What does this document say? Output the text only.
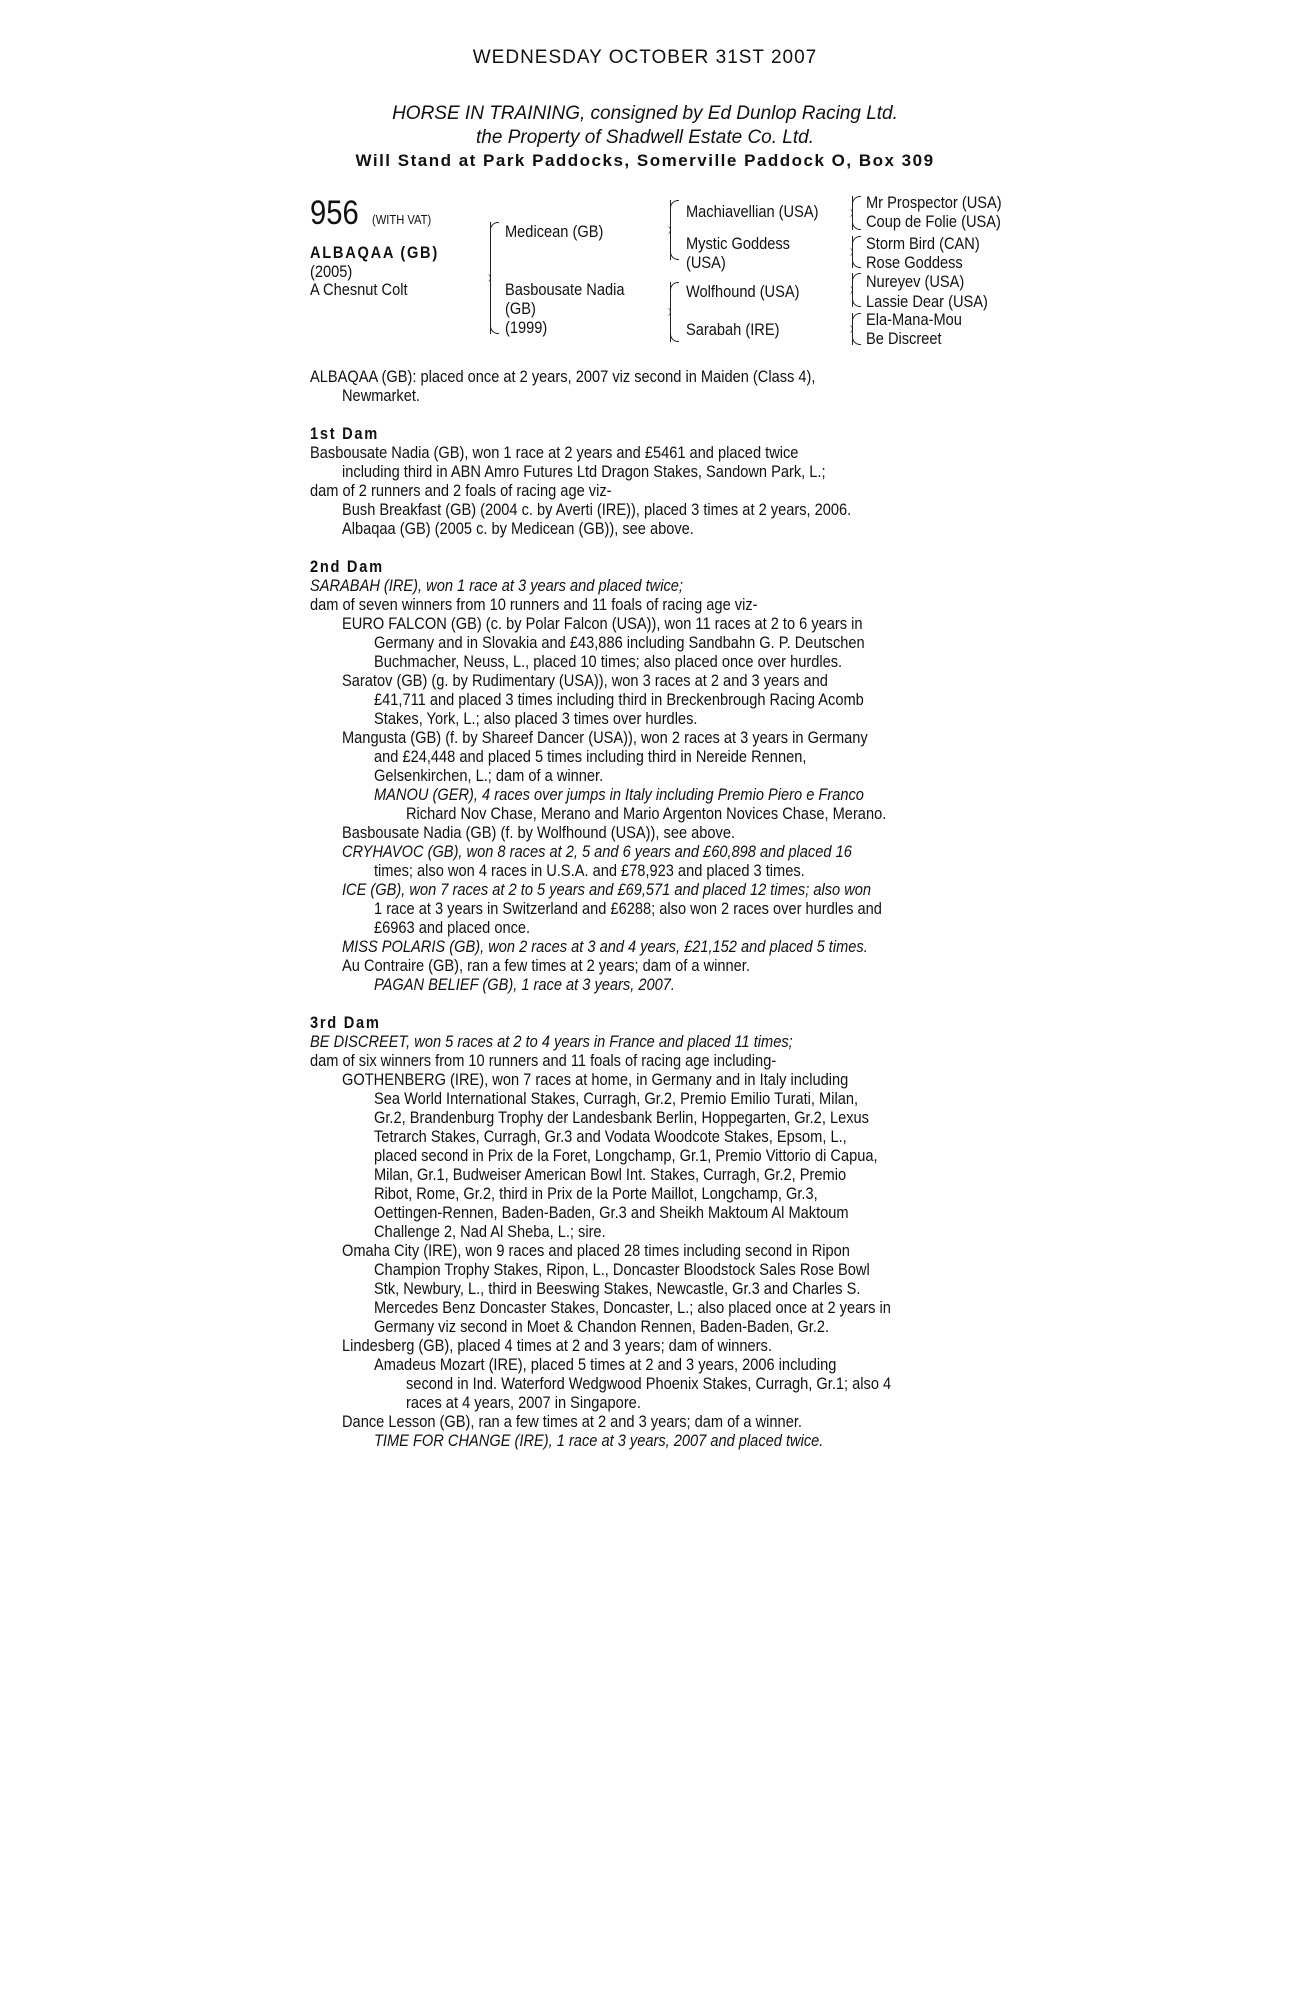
WEDNESDAY OCTOBER 31ST 2007
HORSE IN TRAINING, consigned by Ed Dunlop Racing Ltd.
the Property of Shadwell Estate Co. Ltd.
Will Stand at Park Paddocks, Somerville Paddock O, Box 309
956 (WITH VAT)
ALBAQAA (GB)
(2005)
A Chesnut Colt
Medicean (GB)
Basbousate Nadia
(GB)
(1999)
Machiavellian (USA)
Mystic Goddess
(USA)
Wolfhound (USA)
Sarabah (IRE)
Mr Prospector (USA)
Coup de Folie (USA)
Storm Bird (CAN)
Rose Goddess
Nureyev (USA)
Lassie Dear (USA)
Ela-Mana-Mou
Be Discreet
ALBAQAA (GB): placed once at 2 years, 2007 viz second in Maiden (Class 4),
Newmarket.
1st Dam
Basbousate Nadia (GB), won 1 race at 2 years and £5461 and placed twice
including third in ABN Amro Futures Ltd Dragon Stakes, Sandown Park, L.;
dam of 2 runners and 2 foals of racing age viz-
Bush Breakfast (GB) (2004 c. by Averti (IRE)), placed 3 times at 2 years, 2006.
Albaqaa (GB) (2005 c. by Medicean (GB)), see above.
2nd Dam
SARABAH (IRE), won 1 race at 3 years and placed twice;
dam of seven winners from 10 runners and 11 foals of racing age viz-
EURO FALCON (GB) (c. by Polar Falcon (USA)), won 11 races at 2 to 6 years in
Germany and in Slovakia and £43,886 including Sandbahn G. P. Deutschen
Buchmacher, Neuss, L., placed 10 times; also placed once over hurdles.
Saratov (GB) (g. by Rudimentary (USA)), won 3 races at 2 and 3 years and
£41,711 and placed 3 times including third in Breckenbrough Racing Acomb
Stakes, York, L.; also placed 3 times over hurdles.
Mangusta (GB) (f. by Shareef Dancer (USA)), won 2 races at 3 years in Germany
and £24,448 and placed 5 times including third in Nereide Rennen,
Gelsenkirchen, L.; dam of a winner.
MANOU (GER), 4 races over jumps in Italy including Premio Piero e Franco
Richard Nov Chase, Merano and Mario Argenton Novices Chase, Merano.
Basbousate Nadia (GB) (f. by Wolfhound (USA)), see above.
CRYHAVOC (GB), won 8 races at 2, 5 and 6 years and £60,898 and placed 16
times; also won 4 races in U.S.A. and £78,923 and placed 3 times.
ICE (GB), won 7 races at 2 to 5 years and £69,571 and placed 12 times; also won
1 race at 3 years in Switzerland and £6288; also won 2 races over hurdles and
£6963 and placed once.
MISS POLARIS (GB), won 2 races at 3 and 4 years, £21,152 and placed 5 times.
Au Contraire (GB), ran a few times at 2 years; dam of a winner.
PAGAN BELIEF (GB), 1 race at 3 years, 2007.
3rd Dam
BE DISCREET, won 5 races at 2 to 4 years in France and placed 11 times;
dam of six winners from 10 runners and 11 foals of racing age including-
GOTHENBERG (IRE), won 7 races at home, in Germany and in Italy including
Sea World International Stakes, Curragh, Gr.2, Premio Emilio Turati, Milan,
Gr.2, Brandenburg Trophy der Landesbank Berlin, Hoppegarten, Gr.2, Lexus
Tetrarch Stakes, Curragh, Gr.3 and Vodata Woodcote Stakes, Epsom, L.,
placed second in Prix de la Foret, Longchamp, Gr.1, Premio Vittorio di Capua,
Milan, Gr.1, Budweiser American Bowl Int. Stakes, Curragh, Gr.2, Premio
Ribot, Rome, Gr.2, third in Prix de la Porte Maillot, Longchamp, Gr.3,
Oettingen-Rennen, Baden-Baden, Gr.3 and Sheikh Maktoum Al Maktoum
Challenge 2, Nad Al Sheba, L.; sire.
Omaha City (IRE), won 9 races and placed 28 times including second in Ripon
Champion Trophy Stakes, Ripon, L., Doncaster Bloodstock Sales Rose Bowl
Stk, Newbury, L., third in Beeswing Stakes, Newcastle, Gr.3 and Charles S.
Mercedes Benz Doncaster Stakes, Doncaster, L.; also placed once at 2 years in
Germany viz second in Moet & Chandon Rennen, Baden-Baden, Gr.2.
Lindesberg (GB), placed 4 times at 2 and 3 years; dam of winners.
Amadeus Mozart (IRE), placed 5 times at 2 and 3 years, 2006 including
second in Ind. Waterford Wedgwood Phoenix Stakes, Curragh, Gr.1; also 4
races at 4 years, 2007 in Singapore.
Dance Lesson (GB), ran a few times at 2 and 3 years; dam of a winner.
TIME FOR CHANGE (IRE), 1 race at 3 years, 2007 and placed twice.
